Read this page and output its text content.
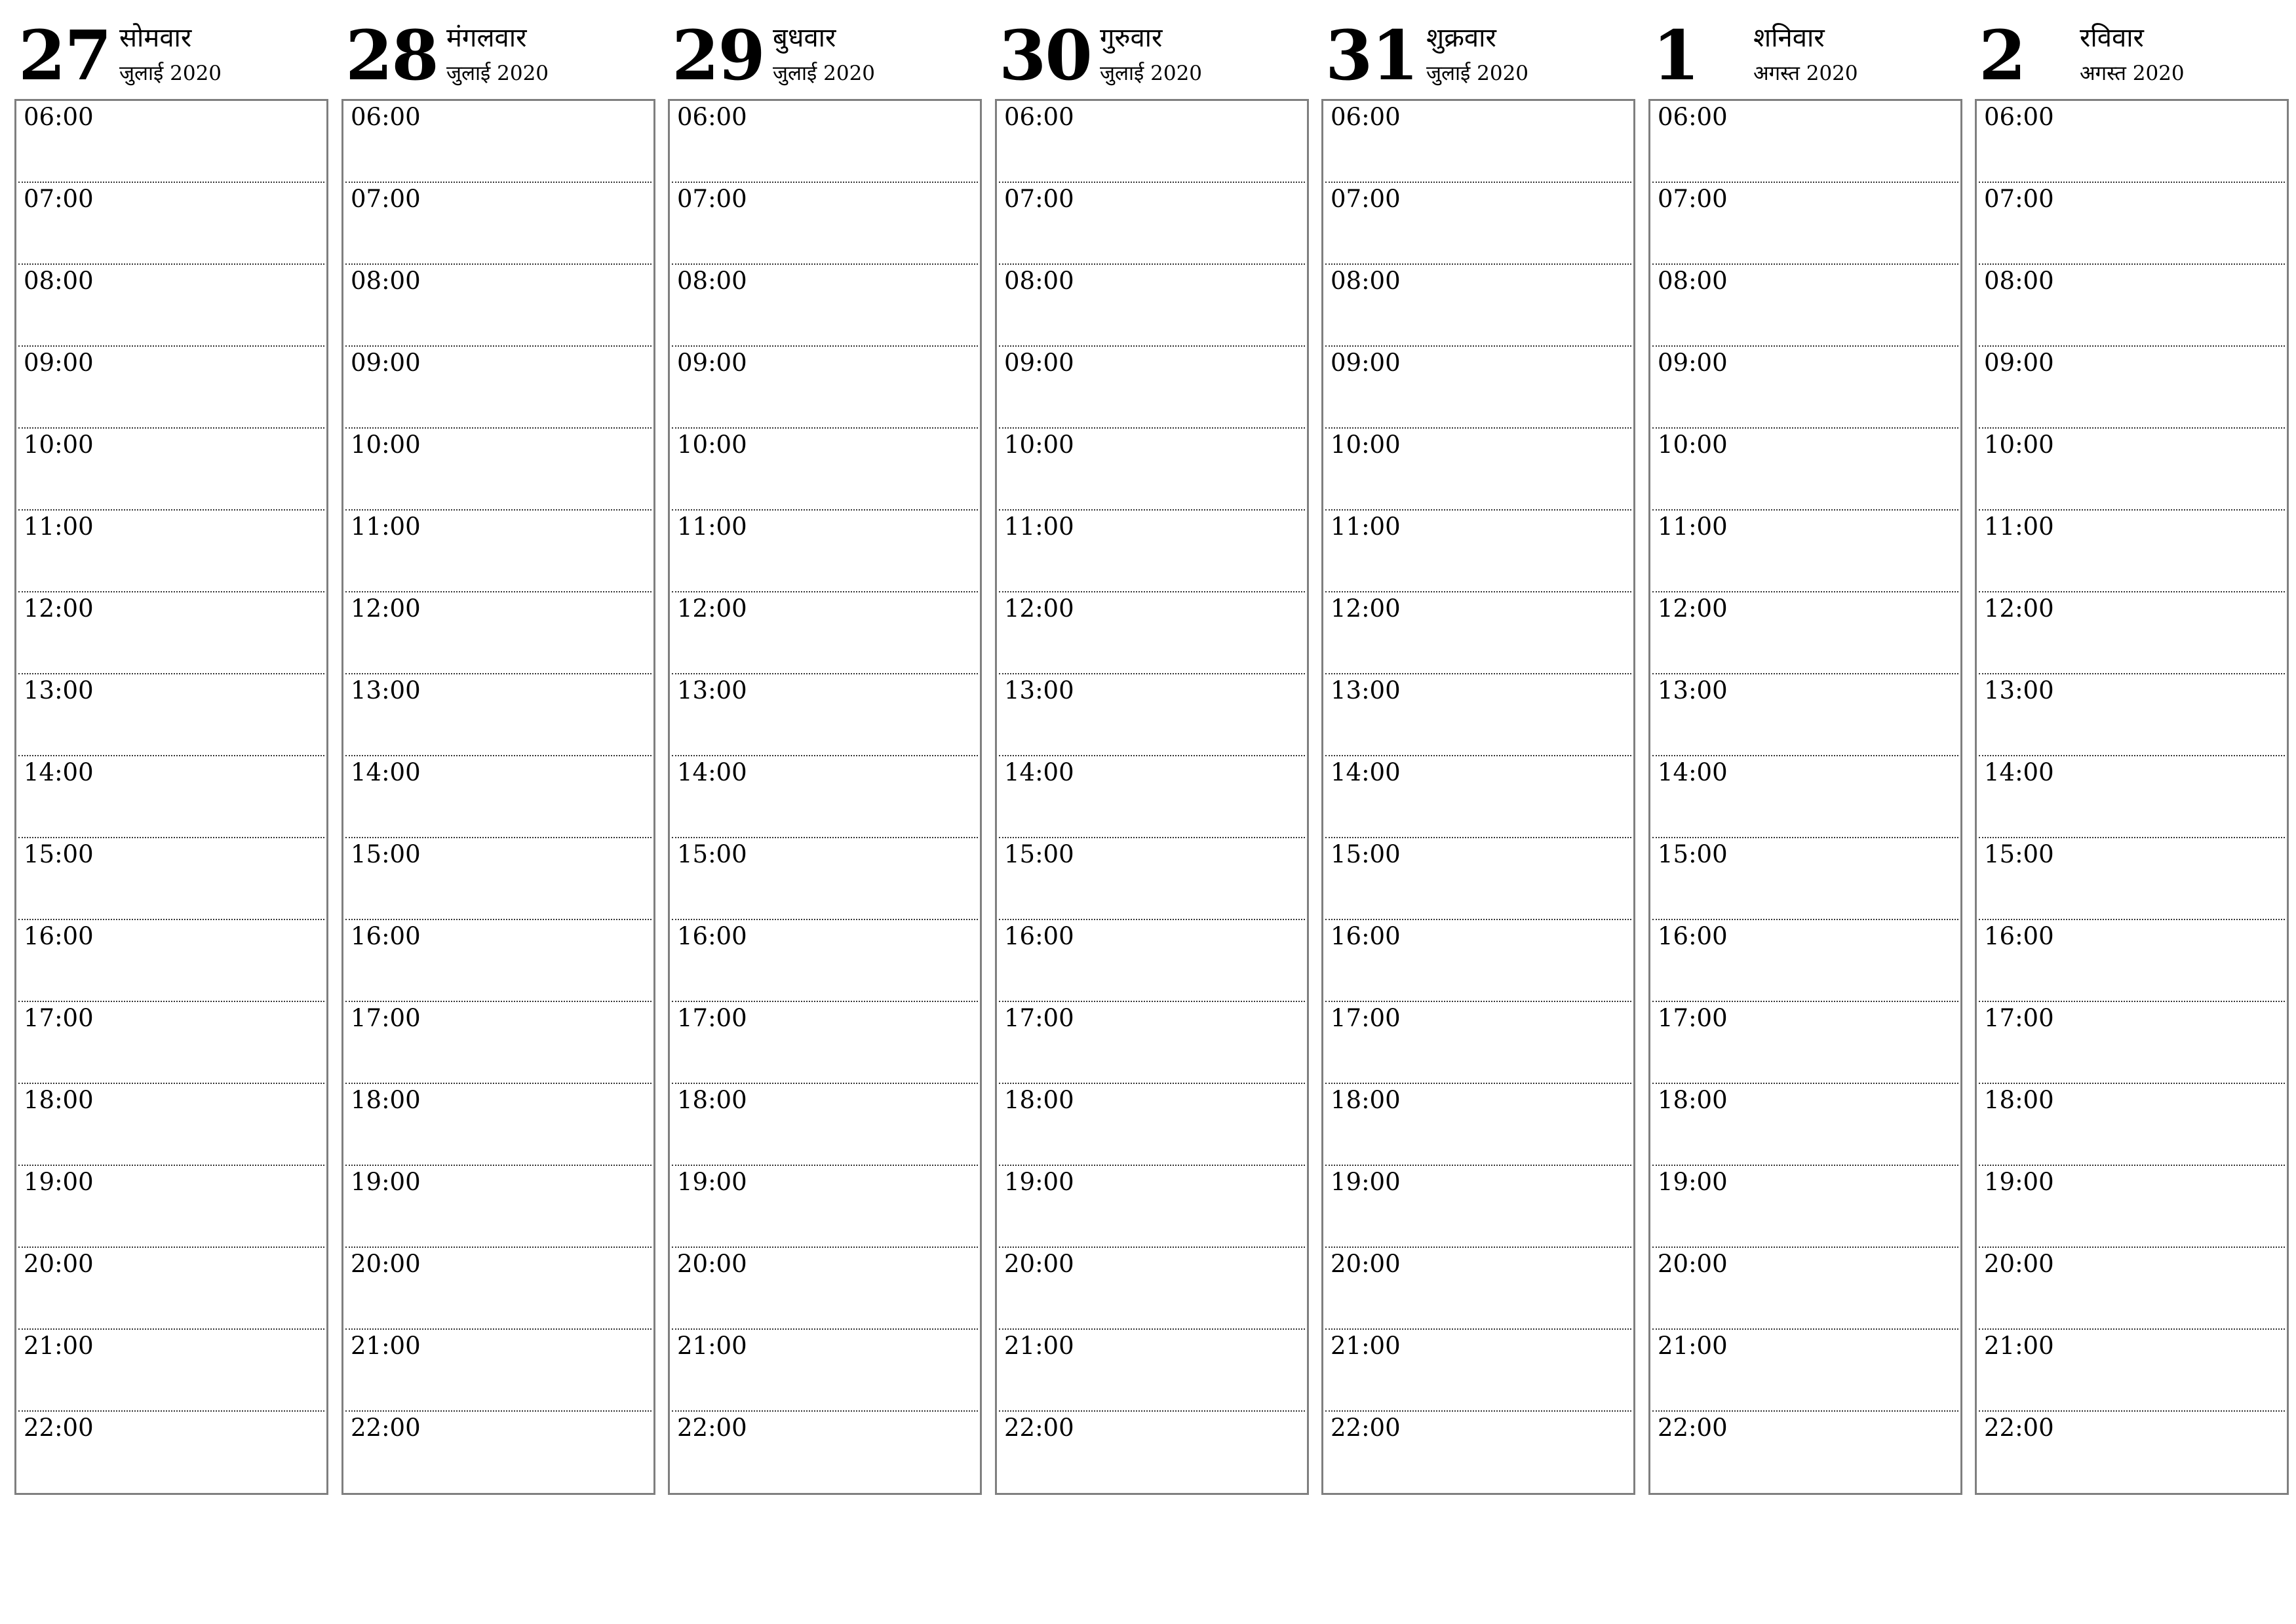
27 सोमवार
जुलाई 2020
06:00
07:00
08:00
09:00
10:00
11:00
12:00
13:00
14:00
15:00
16:00
17:00
18:00
19:00
20:00
21:00
22:00
28 मंगलवार
जुलाई 2020
06:00
07:00
08:00
09:00
10:00
11:00
12:00
13:00
14:00
15:00
16:00
17:00
18:00
19:00
20:00
21:00
22:00
29 बुधवार
जुलाई 2020
06:00
07:00
08:00
09:00
10:00
11:00
12:00
13:00
14:00
15:00
16:00
17:00
18:00
19:00
20:00
21:00
22:00
30 गुरुवार
जुलाई 2020
06:00
07:00
08:00
09:00
10:00
11:00
12:00
13:00
14:00
15:00
16:00
17:00
18:00
19:00
20:00
21:00
22:00
31 शुक्रवार
जुलाई 2020
06:00
07:00
08:00
09:00
10:00
11:00
12:00
13:00
14:00
15:00
16:00
17:00
18:00
19:00
20:00
21:00
22:00
1 शनिवार
अगस्त 2020
06:00
07:00
08:00
09:00
10:00
11:00
12:00
13:00
14:00
15:00
16:00
17:00
18:00
19:00
20:00
21:00
22:00
2 रविवार
अगस्त 2020
06:00
07:00
08:00
09:00
10:00
11:00
12:00
13:00
14:00
15:00
16:00
17:00
18:00
19:00
20:00
21:00
22:00
